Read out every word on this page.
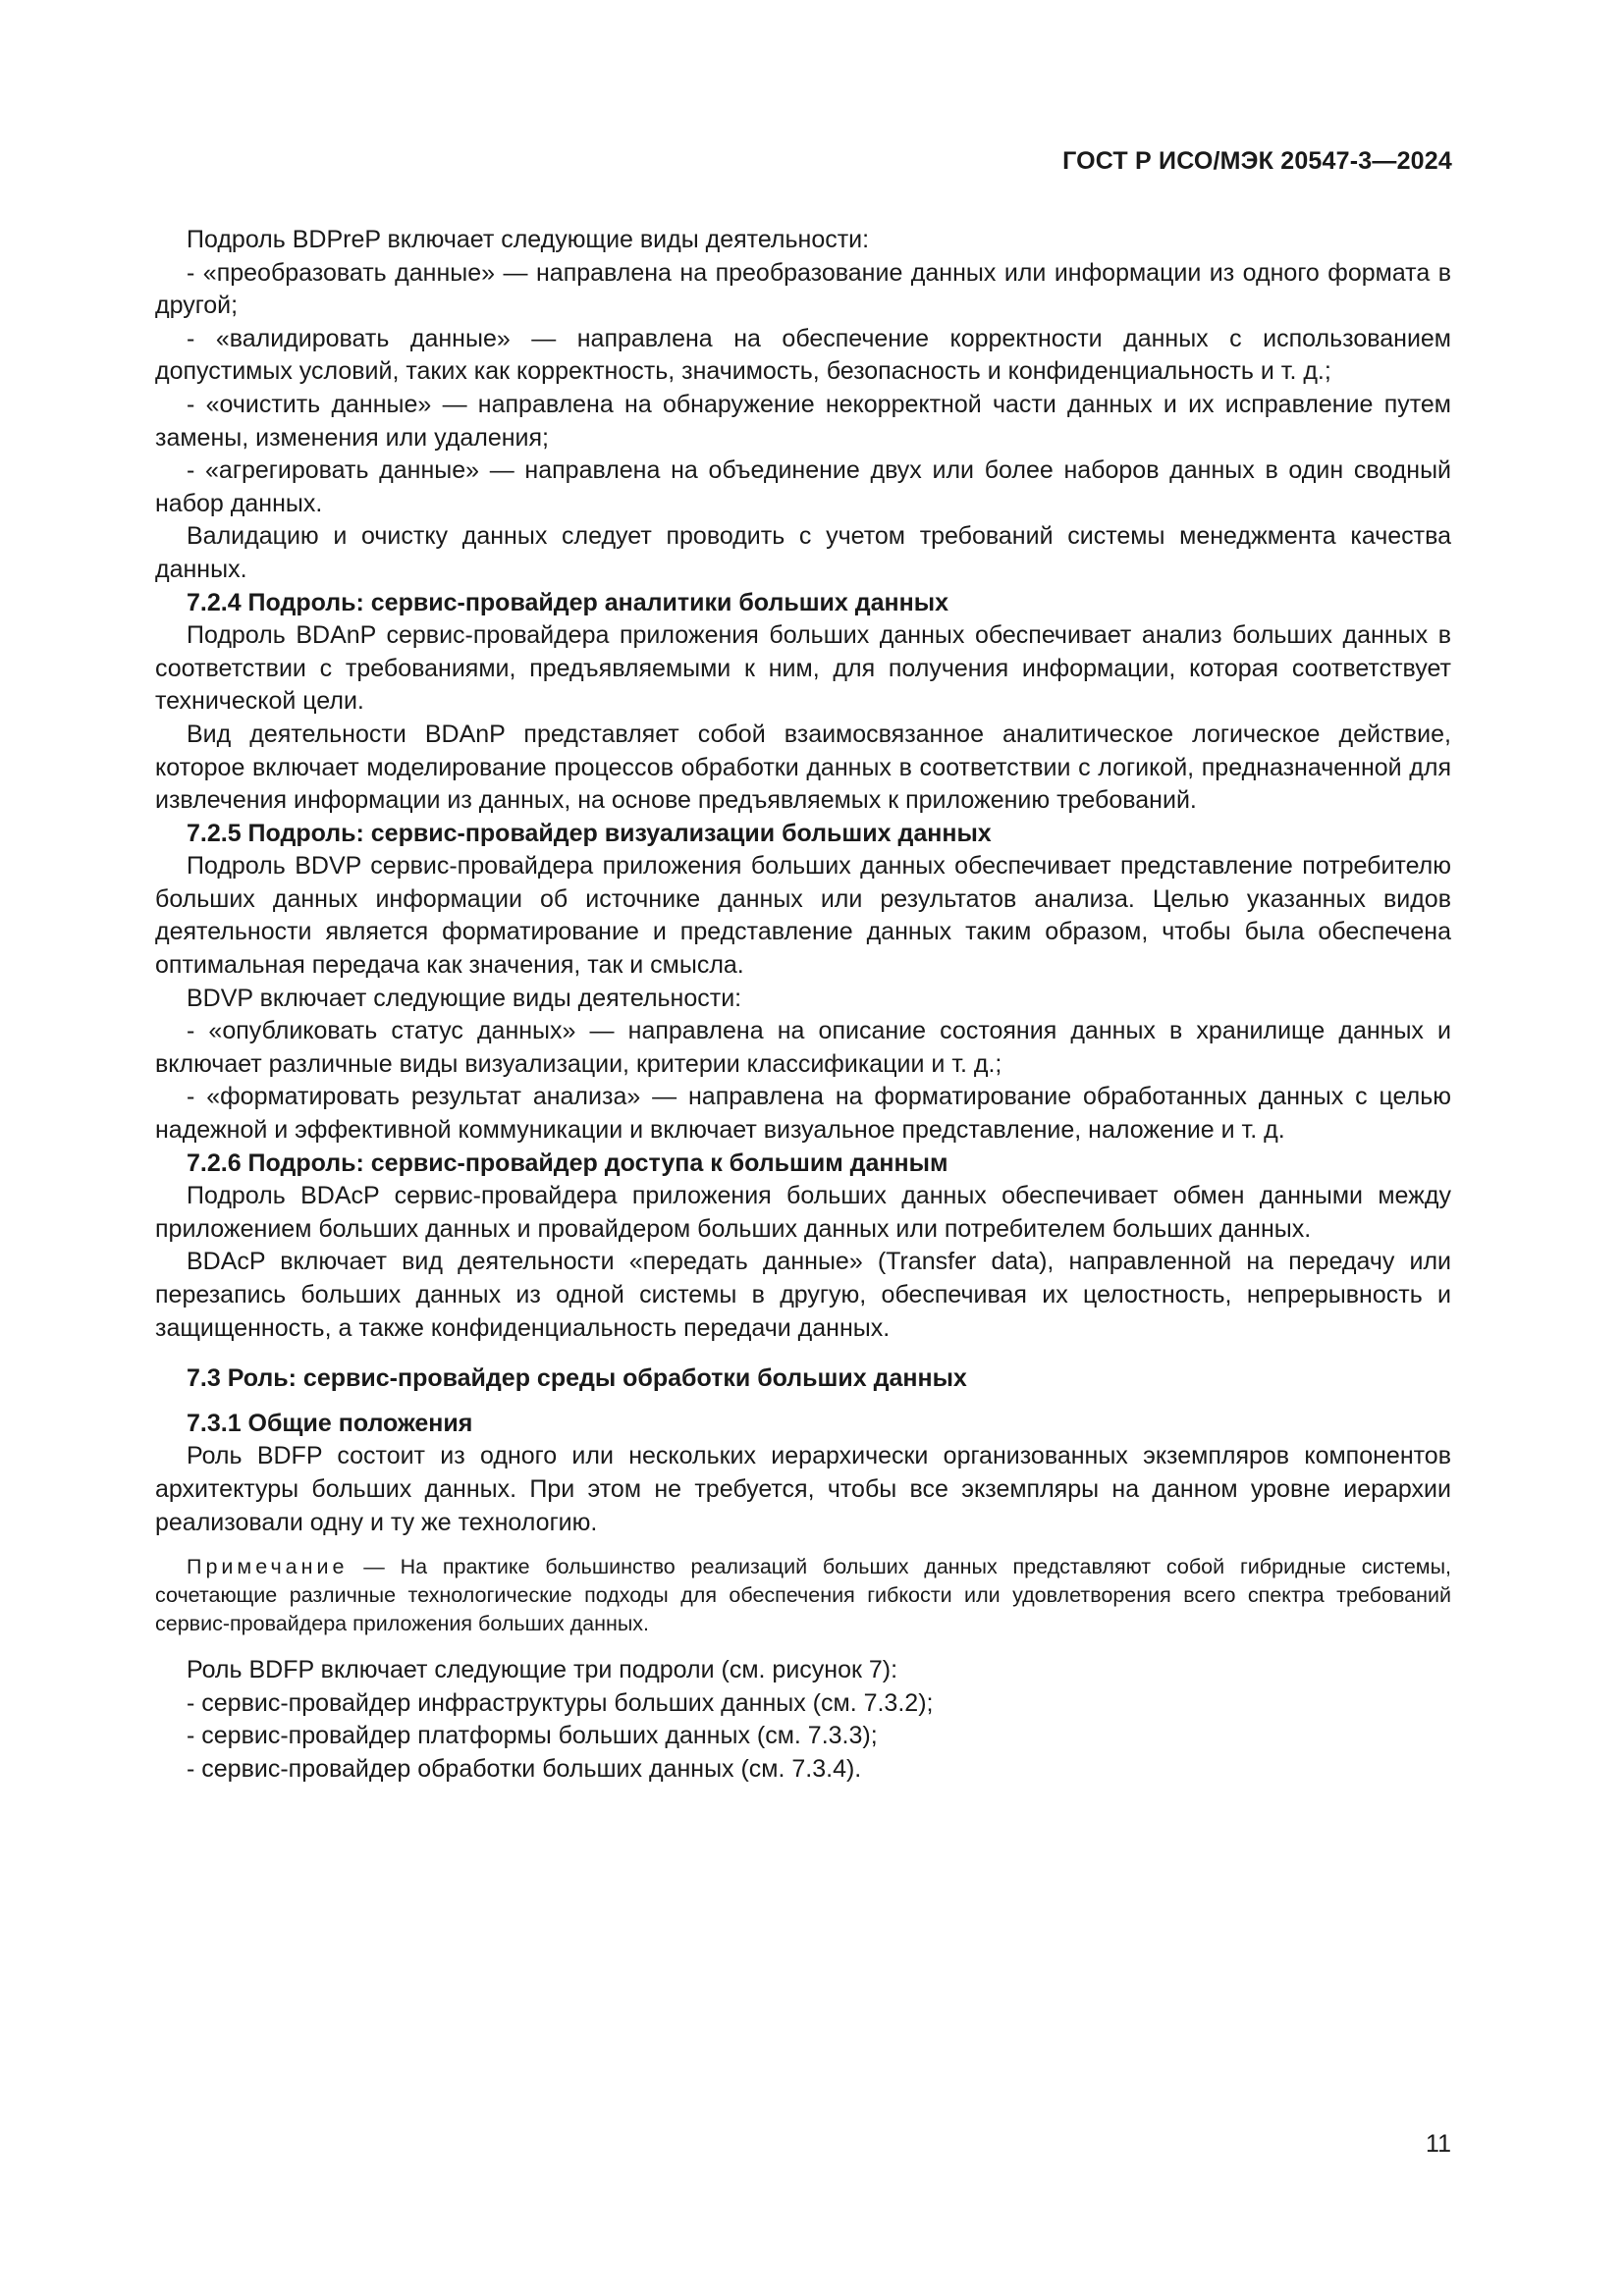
ГОСТ Р ИСО/МЭК 20547-3—2024

Подроль BDPreP включает следующие виды деятельности:

- «преобразовать данные» — направлена на преобразование данных или информации из одного формата в другой;

- «валидировать данные» — направлена на обеспечение корректности данных с использованием допустимых условий, таких как корректность, значимость, безопасность и конфиденциальность и т. д.;

- «очистить данные» — направлена на обнаружение некорректной части данных и их исправление путем замены, изменения или удаления;

- «агрегировать данные» — направлена на объединение двух или более наборов данных в один сводный набор данных.

Валидацию и очистку данных следует проводить с учетом требований системы менеджмента качества данных.

7.2.4 Подроль: сервис-провайдер аналитики больших данных

Подроль BDAnP сервис-провайдера приложения больших данных обеспечивает анализ больших данных в соответствии с требованиями, предъявляемыми к ним, для получения информации, которая соответствует технической цели.

Вид деятельности BDAnP представляет собой взаимосвязанное аналитическое логическое действие, которое включает моделирование процессов обработки данных в соответствии с логикой, предназначенной для извлечения информации из данных, на основе предъявляемых к приложению требований.

7.2.5 Подроль: сервис-провайдер визуализации больших данных

Подроль BDVP сервис-провайдера приложения больших данных обеспечивает представление потребителю больших данных информации об источнике данных или результатов анализа. Целью указанных видов деятельности является форматирование и представление данных таким образом, чтобы была обеспечена оптимальная передача как значения, так и смысла.

BDVP включает следующие виды деятельности:

- «опубликовать статус данных» — направлена на описание состояния данных в хранилище данных и включает различные виды визуализации, критерии классификации и т. д.;

- «форматировать результат анализа» — направлена на форматирование обработанных данных с целью надежной и эффективной коммуникации и включает визуальное представление, наложение и т. д.

7.2.6 Подроль: сервис-провайдер доступа к большим данным

Подроль BDAcP сервис-провайдера приложения больших данных обеспечивает обмен данными между приложением больших данных и провайдером больших данных или потребителем больших данных.

BDAcP включает вид деятельности «передать данные» (Transfer data), направленной на передачу или перезапись больших данных из одной системы в другую, обеспечивая их целостность, непрерывность и защищенность, а также конфиденциальность передачи данных.

7.3 Роль: сервис-провайдер среды обработки больших данных

7.3.1 Общие положения

Роль BDFP состоит из одного или нескольких иерархически организованных экземпляров компонентов архитектуры больших данных. При этом не требуется, чтобы все экземпляры на данном уровне иерархии реализовали одну и ту же технологию.

Примечание — На практике большинство реализаций больших данных представляют собой гибридные системы, сочетающие различные технологические подходы для обеспечения гибкости или удовлетворения всего спектра требований сервис-провайдера приложения больших данных.

Роль BDFP включает следующие три подроли (см. рисунок 7):

- сервис-провайдер инфраструктуры больших данных (см. 7.3.2);

- сервис-провайдер платформы больших данных (см. 7.3.3);

- сервис-провайдер обработки больших данных (см. 7.3.4).

11
